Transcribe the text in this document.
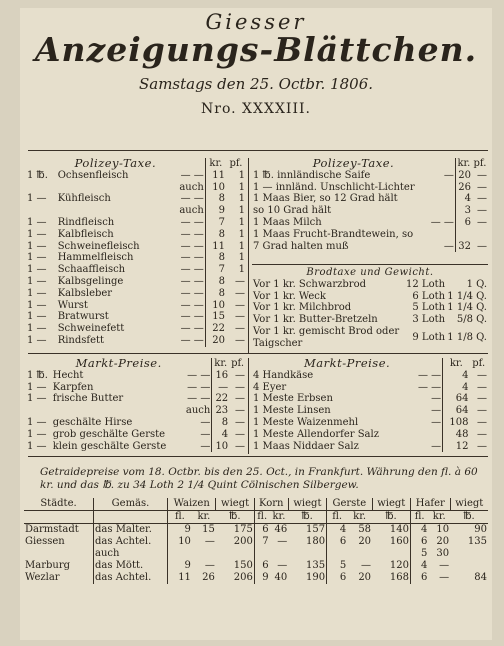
Giesser
Anzeigungs-Blättchen.
Samstags den 25. Octbr. 1806.
Nro. XXXXIII.
Polizey-Taxe.			kr.	pf.
1 ℔.	Ochsenfleisch	— —	11	1
		auch	10	1
1 —	Kühfleisch	— —	8	1
		auch	9	1
1 —	Rindfleisch	— —	7	1
1 —	Kalbfleisch	— —	8	1
1 —	Schweinefleisch	— —	11	1
1 —	Hammelfleisch	— —	8	1
1 —	Schaaffleisch	— —	7	1
1 —	Kalbsgelinge	— —	8	—
1 —	Kalbsleber	— —	8	—
1 —	Wurst	— —	10	—
1 —	Bratwurst	— —	15	—
1 —	Schweinefett	— —	22	—
1 —	Rindsfett	— —	20	—
Polizey-Taxe.		kr.	pf.
1 ℔. innländische Saife	—	20	—
1 — innländ. Unschlicht-Lichter		26	—
1 Maas Bier, so 12 Grad hält		4	—
so 10 Grad hält		3	—
1 Maas Milch	— —	6	—
1 Maas Frucht-Brandtewein, so			
7 Grad halten muß	—	32	—
Brodtaxe und Gewicht.		
Vor 1 kr. Schwarzbrod	12 Loth	1 Q.
Vor 1 kr. Weck	6 Loth	1 1/4 Q.
Vor 1 kr. Milchbrod	5 Loth	1 1/4 Q.
Vor 1 kr. Butter-Bretzeln	3 Loth	5/8 Q.
Vor 1 kr. gemischt Brod oder Taigscher	9 Loth	1 1/8 Q.
Markt-Preise.			kr.	pf.
1 ℔.	Hecht	— —	16	—
1 —	Karpfen	— —	—	—
1 —	frische Butter	— —	22	—
		auch	23	—
1 —	geschälte Hirse	—	8	—
1 —	grob geschälte Gerste	—	4	—
1 —	klein geschälte Gerste	—	10	—
Markt-Preise.		kr.	pf.
4 Handkäse	— —	4	—
4 Eyer	— —	4	—
1 Meste Erbsen	—	64	—
1 Meste Linsen	—	64	—
1 Meste Waizenmehl	—	108	—
1 Meste Allendorfer Salz		48	—
1 Maas Niddaer Salz	—	12	—
Getraidepreise vom 18. Octbr. bis den 25. Oct., in Frankfurt. Währung den fl. à 60 kr. und das ℔. zu 34 Loth 2 1/4 Quint Cölnischen Silbergew.
Städte.	Gemäs.	Waizen		wiegt	Korn		wiegt	Gerste		wiegt	Hafer		wiegt
		fl.	kr.	℔.	fl.	kr.	℔.	fl.	kr.	℔.	fl.	kr.	℔.
Darmstadt	das Malter.	9	15	175	6	46	157	4	58	140	4	10	90
Giessen	das Achtel.	10	—	200	7	—	180	6	20	160	6	20	135
	auch										5	30	
Marburg	das Mött.	9	—	150	6	—	135	5	—	120	4	—	
Wezlar	das Achtel.	11	26	206	9	40	190	6	20	168	6	—	84
